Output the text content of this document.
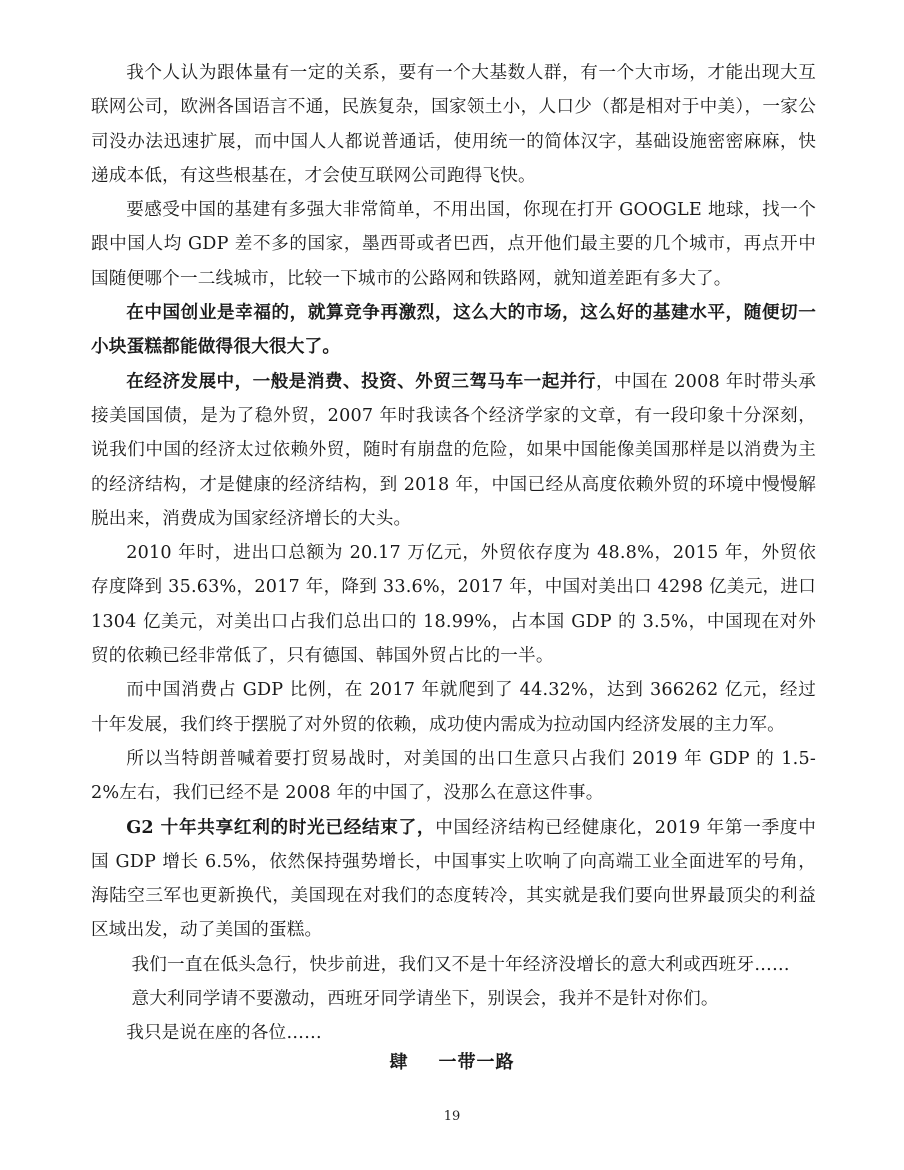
我个人认为跟体量有一定的关系，要有一个大基数人群，有一个大市场，才能出现大互联网公司，欧洲各国语言不通，民族复杂，国家领土小，人口少（都是相对于中美），一家公司没办法迅速扩展，而中国人人都说普通话，使用统一的简体汉字，基础设施密密麻麻，快递成本低，有这些根基在，才会使互联网公司跑得飞快。

要感受中国的基建有多强大非常简单，不用出国，你现在打开 GOOGLE 地球，找一个跟中国人均 GDP 差不多的国家，墨西哥或者巴西，点开他们最主要的几个城市，再点开中国随便哪个一二线城市，比较一下城市的公路网和铁路网，就知道差距有多大了。

在中国创业是幸福的，就算竞争再激烈，这么大的市场，这么好的基建水平，随便切一小块蛋糕都能做得很大很大了。

在经济发展中，一般是消费、投资、外贸三驾马车一起并行，中国在 2008 年时带头承接美国国债，是为了稳外贸，2007 年时我读各个经济学家的文章，有一段印象十分深刻，说我们中国的经济太过依赖外贸，随时有崩盘的危险，如果中国能像美国那样是以消费为主的经济结构，才是健康的经济结构，到 2018 年，中国已经从高度依赖外贸的环境中慢慢解脱出来，消费成为国家经济增长的大头。

2010 年时，进出口总额为 20.17 万亿元，外贸依存度为 48.8%，2015 年，外贸依存度降到 35.63%，2017 年，降到 33.6%，2017 年，中国对美出口 4298 亿美元，进口 1304 亿美元，对美出口占我们总出口的 18.99%，占本国 GDP 的 3.5%，中国现在对外贸的依赖已经非常低了，只有德国、韩国外贸占比的一半。

而中国消费占 GDP 比例，在 2017 年就爬到了 44.32%，达到 366262 亿元，经过十年发展，我们终于摆脱了对外贸的依赖，成功使内需成为拉动国内经济发展的主力军。

所以当特朗普喊着要打贸易战时，对美国的出口生意只占我们 2019 年 GDP 的 1.5-2%左右，我们已经不是 2008 年的中国了，没那么在意这件事。

G2 十年共享红利的时光已经结束了，中国经济结构已经健康化，2019 年第一季度中国 GDP 增长 6.5%，依然保持强势增长，中国事实上吹响了向高端工业全面进军的号角，海陆空三军也更新换代，美国现在对我们的态度转冷，其实就是我们要向世界最顶尖的利益区域出发，动了美国的蛋糕。

我们一直在低头急行，快步前进，我们又不是十年经济没增长的意大利或西班牙……

意大利同学请不要激动，西班牙同学请坐下，别误会，我并不是针对你们。

我只是说在座的各位……

肆 一带一路
19
